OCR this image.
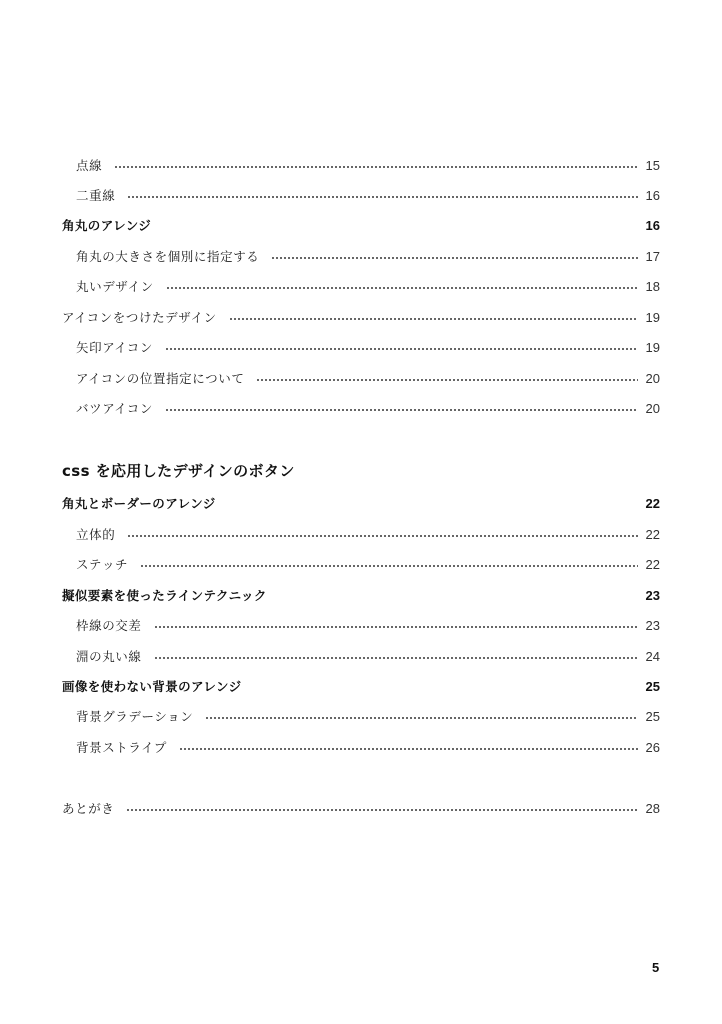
点線	15
二重線	16
角丸のアレンジ	16
角丸の大きさを個別に指定する	17
丸いデザイン	18
アイコンをつけたデザイン	19
矢印アイコン	19
アイコンの位置指定について	20
バツアイコン	20
css を応用したデザインのボタン
角丸とボーダーのアレンジ	22
立体的	22
ステッチ	22
擬似要素を使ったラインテクニック	23
枠線の交差	23
淵の丸い線	24
画像を使わない背景のアレンジ	25
背景グラデーション	25
背景ストライプ	26
あとがき	28
5
